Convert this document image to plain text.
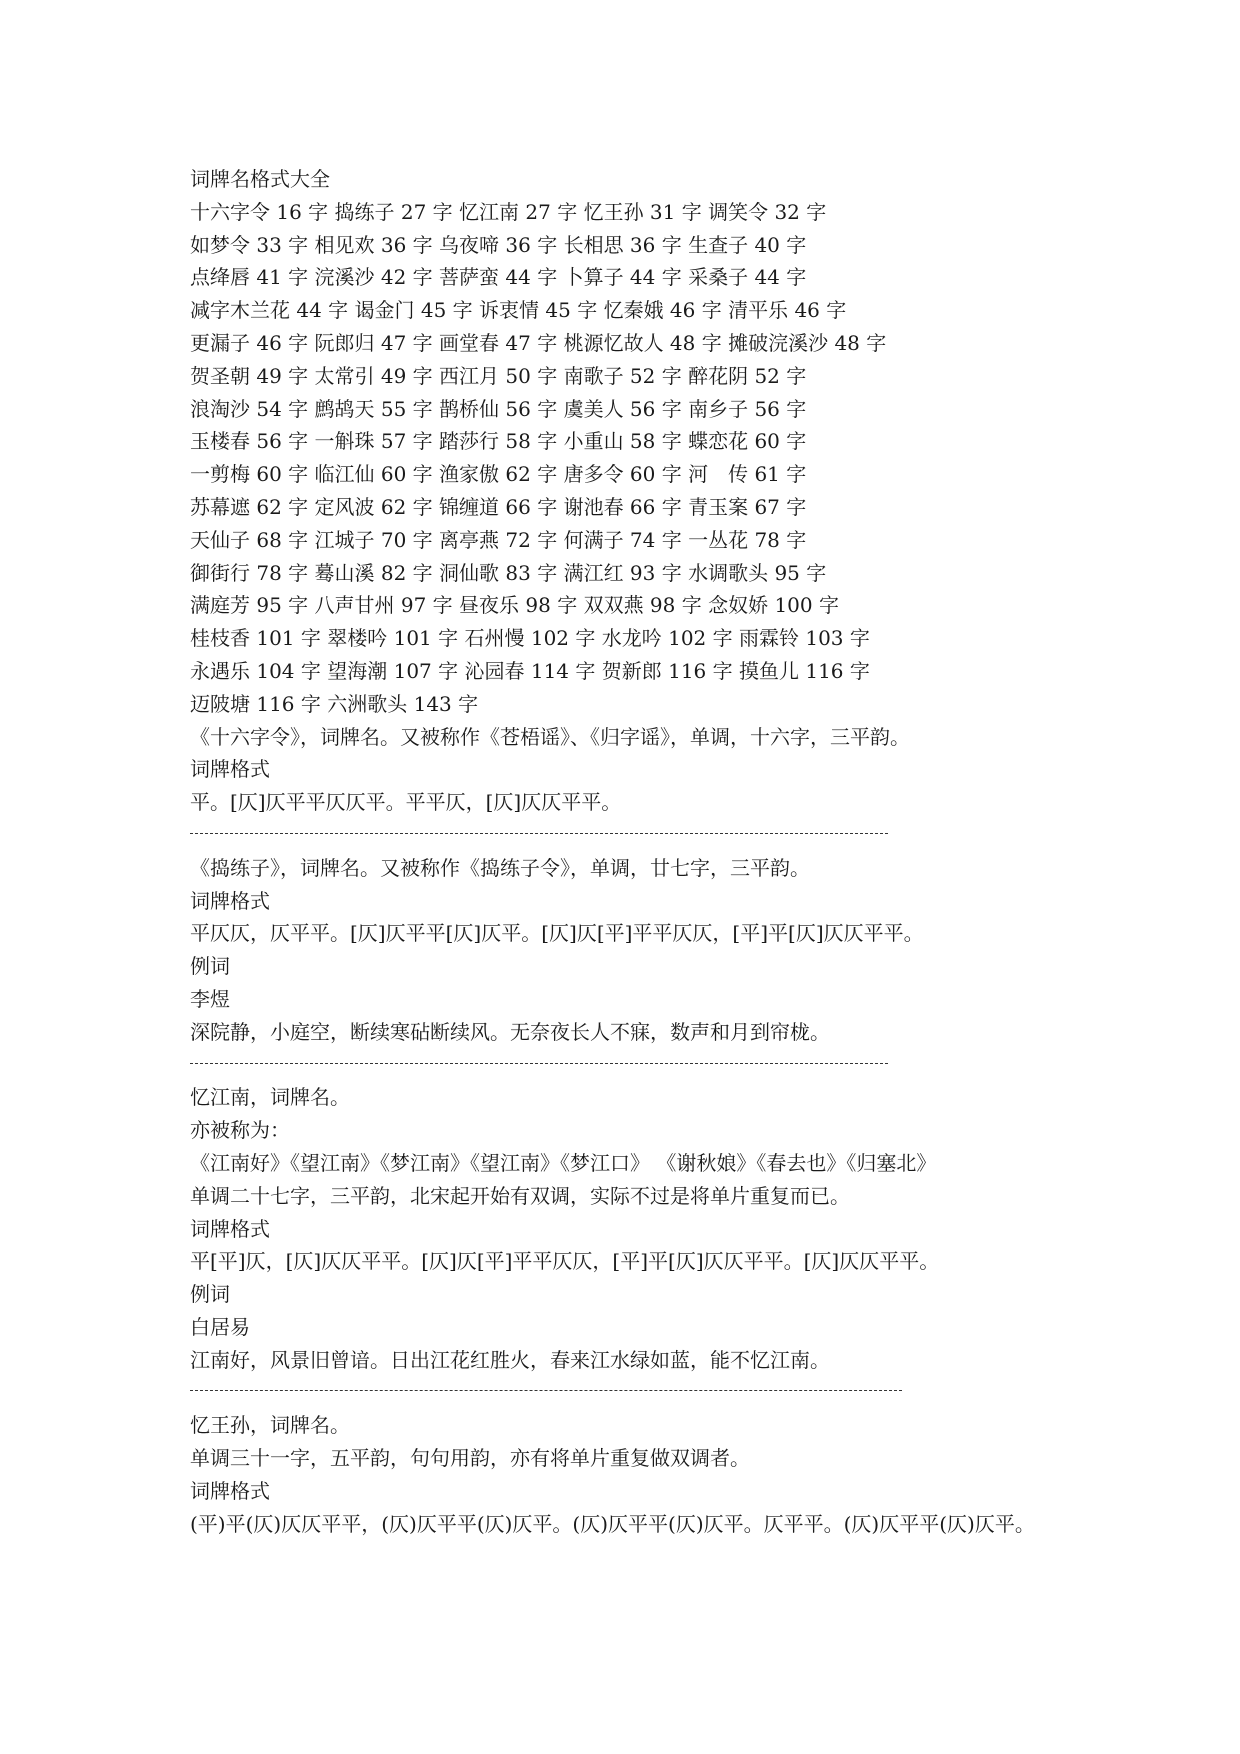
词牌名格式大全
十六字令 16 字 捣练子 27 字 忆江南 27 字 忆王孙 31 字 调笑令 32 字
如梦令 33 字 相见欢 36 字 乌夜啼 36 字 长相思 36 字 生查子 40 字
点绛唇 41 字 浣溪沙 42 字 菩萨蛮 44 字 卜算子 44 字 采桑子 44 字
减字木兰花 44 字 谒金门 45 字 诉衷情 45 字 忆秦娥 46 字 清平乐 46 字
更漏子 46 字 阮郎归 47 字 画堂春 47 字 桃源忆故人 48 字 摊破浣溪沙 48 字
贺圣朝 49 字 太常引 49 字 西江月 50 字 南歌子 52 字 醉花阴 52 字
浪淘沙 54 字 鹧鸪天 55 字 鹊桥仙 56 字 虞美人 56 字 南乡子 56 字
玉楼春 56 字 一斛珠 57 字 踏莎行 58 字 小重山 58 字 蝶恋花 60 字
一剪梅 60 字 临江仙 60 字 渔家傲 62 字 唐多令 60 字 河　传 61 字
苏幕遮 62 字 定风波 62 字 锦缠道 66 字 谢池春 66 字 青玉案 67 字
天仙子 68 字 江城子 70 字 离亭燕 72 字 何满子 74 字 一丛花 78 字
御街行 78 字 蓦山溪 82 字 洞仙歌 83 字 满江红 93 字 水调歌头 95 字
满庭芳 95 字 八声甘州 97 字 昼夜乐 98 字 双双燕 98 字 念奴娇 100 字
桂枝香 101 字 翠楼吟 101 字 石州慢 102 字 水龙吟 102 字 雨霖铃 103 字
永遇乐 104 字 望海潮 107 字 沁园春 114 字 贺新郎 116 字 摸鱼儿 116 字
迈陂塘 116 字 六洲歌头 143 字
《十六字令》，词牌名。又被称作《苍梧谣》、《归字谣》，单调，十六字，三平韵。
词牌格式
平。[仄]仄平平仄仄平。平平仄，[仄]仄仄平平。
《捣练子》，词牌名。又被称作《捣练子令》，单调，廿七字，三平韵。
词牌格式
平仄仄，仄平平。[仄]仄平平[仄]仄平。[仄]仄[平]平平仄仄，[平]平[仄]仄仄平平。
例词
李煜
深院静，小庭空，断续寒砧断续风。无奈夜长人不寐，数声和月到帘栊。
忆江南，词牌名。
亦被称为：
《江南好》《望江南》《梦江南》《望江南》《梦江口》 《谢秋娘》《春去也》《归塞北》
单调二十七字，三平韵，北宋起开始有双调，实际不过是将单片重复而已。
词牌格式
平[平]仄，[仄]仄仄平平。[仄]仄[平]平平仄仄，[平]平[仄]仄仄平平。[仄]仄仄平平。
例词
白居易
江南好，风景旧曾谙。日出江花红胜火，春来江水绿如蓝，能不忆江南。
忆王孙，词牌名。
单调三十一字，五平韵，句句用韵，亦有将单片重复做双调者。
词牌格式
(平)平(仄)仄仄平平，(仄)仄平平(仄)仄平。(仄)仄平平(仄)仄平。仄平平。(仄)仄平平(仄)仄平。
